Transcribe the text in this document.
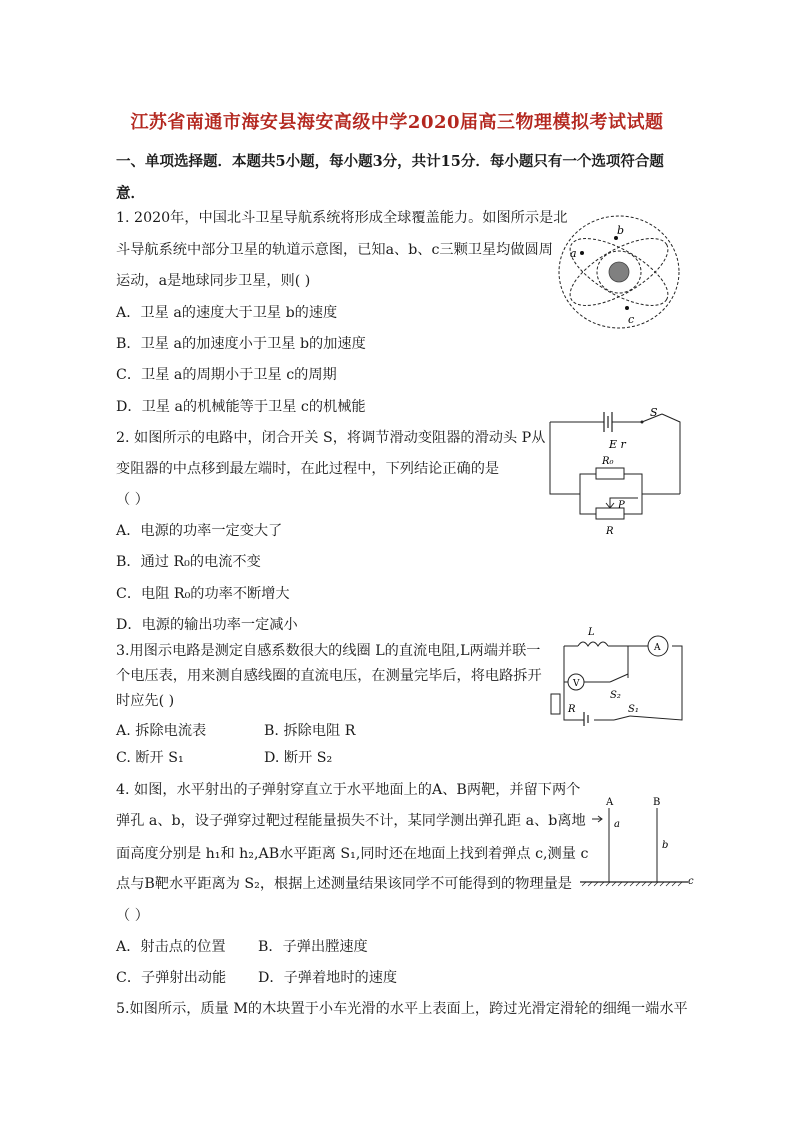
江苏省南通市海安县海安高级中学2020届高三物理模拟考试试题
一、单项选择题．本题共5小题，每小题3分，共计15分．每小题只有一个选项符合题意．
1. 2020年，中国北斗卫星导航系统将形成全球覆盖能力。如图所示是北
斗导航系统中部分卫星的轨道示意图，已知a、b、c三颗卫星均做圆周
运动，a是地球同步卫星，则( )
A．卫星 a的速度大于卫星 b的速度
B．卫星 a的加速度小于卫星 b的加速度
C．卫星 a的周期小于卫星 c的周期
D．卫星 a的机械能等于卫星 c的机械能
a
b
c
2. 如图所示的电路中，闭合开关 S，将调节滑动变阻器的滑动头 P从
变阻器的中点移到最左端时，在此过程中，下列结论正确的是
（ ）
A．电源的功率一定变大了
B．通过 R₀的电流不变
C．电阻 R₀的功率不断增大
D．电源的输出功率一定减小
S
E r
R₀
P
R
3.用图示电路是测定自感系数很大的线圈 L的直流电阻,L两端并联一
个电压表，用来测自感线圈的直流电压，在测量完毕后，将电路拆开
时应先( )
A. 拆除电流表	B. 拆除电阻 R
C. 断开 S₁	D. 断开 S₂
L
A
V
S₂
R	S₁
4. 如图，水平射出的子弹射穿直立于水平地面上的A、B两靶，并留下两个
弹孔 a、b，设子弹穿过靶过程能量损失不计，某同学测出弹孔距 a、b离地
面高度分别是 h₁和 h₂,AB水平距离 S₁,同时还在地面上找到着弹点 c,测量 c
点与B靶水平距离为 S₂，根据上述测量结果该同学不可能得到的物理量是
（ ）
A．射击点的位置 B．子弹出膛速度
C．子弹射出动能 D．子弹着地时的速度
A	B
a
b
c
5.如图所示，质量 M的木块置于小车光滑的水平上表面上，跨过光滑定滑轮的细绳一端水平
